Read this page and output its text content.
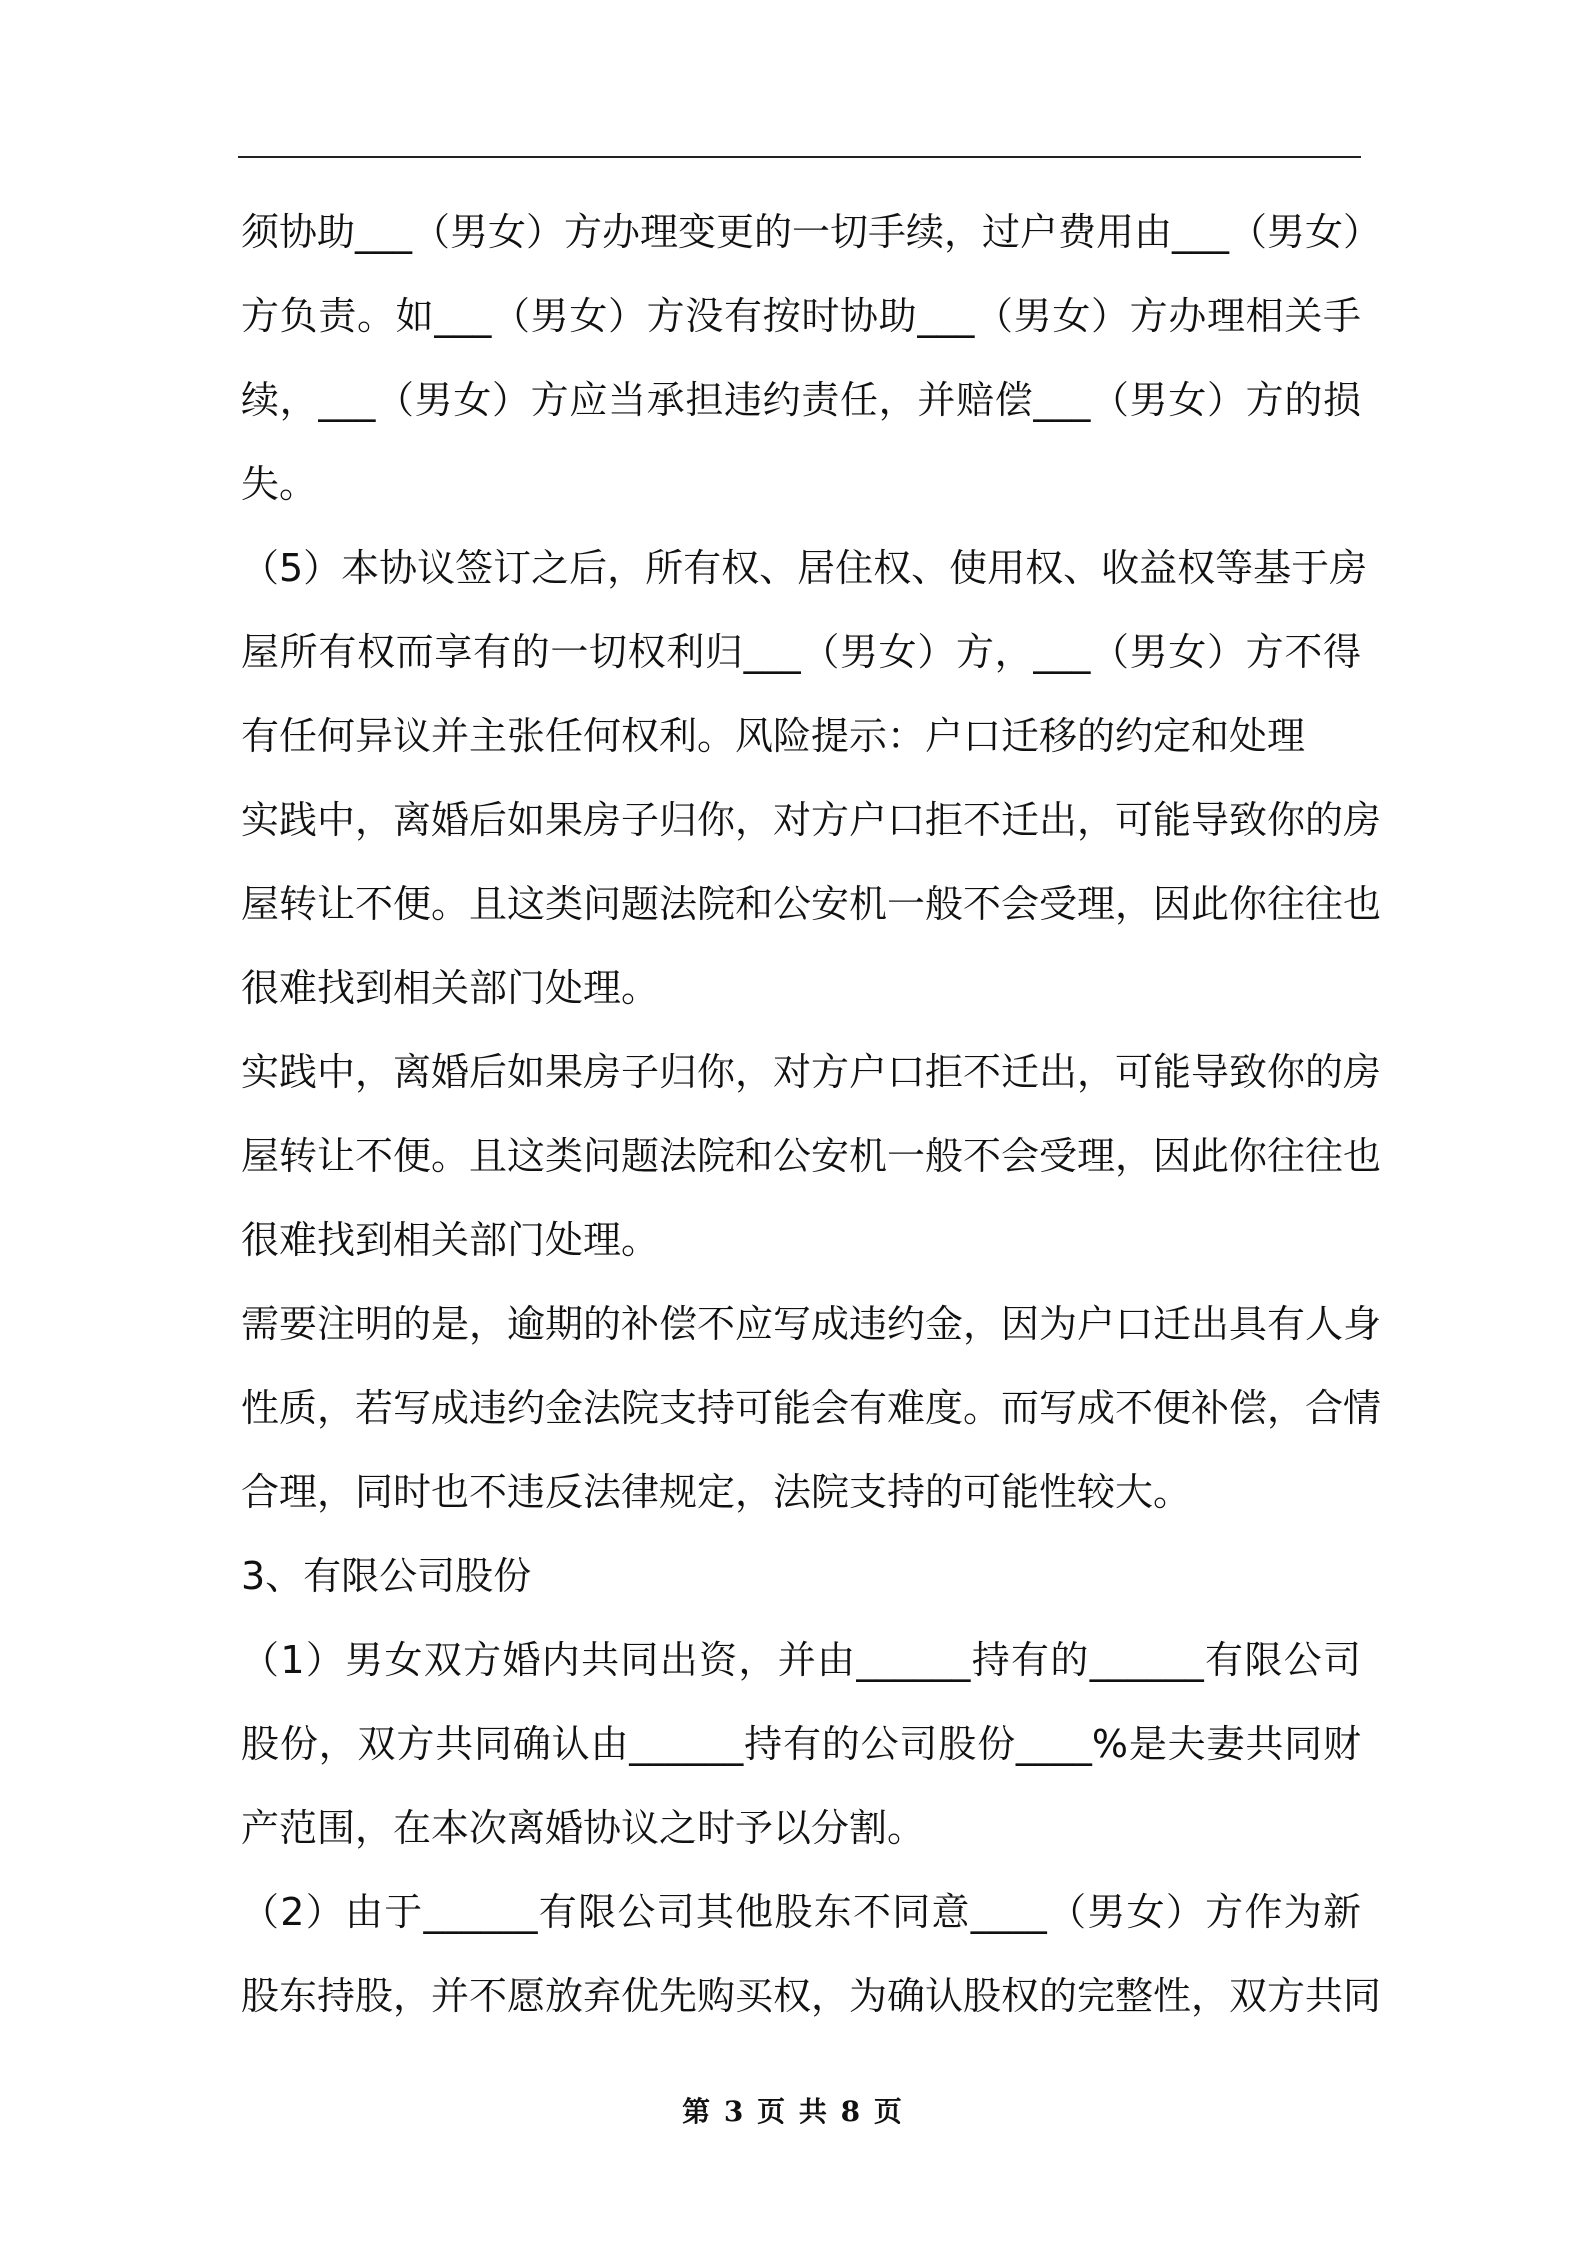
须协助___（男女）方办理变更的一切手续，过户费用由___（男女）
方负责。如___（男女）方没有按时协助___（男女）方办理相关手
续，___（男女）方应当承担违约责任，并赔偿___（男女）方的损
失。
（5）本协议签订之后，所有权、居住权、使用权、收益权等基于房
屋所有权而享有的一切权利归___（男女）方，___（男女）方不得
有任何异议并主张任何权利。风险提示：户口迁移的约定和处理
实践中，离婚后如果房子归你，对方户口拒不迁出，可能导致你的房
屋转让不便。且这类问题法院和公安机一般不会受理，因此你往往也
很难找到相关部门处理。
实践中，离婚后如果房子归你，对方户口拒不迁出，可能导致你的房
屋转让不便。且这类问题法院和公安机一般不会受理，因此你往往也
很难找到相关部门处理。
需要注明的是，逾期的补偿不应写成违约金，因为户口迁出具有人身
性质，若写成违约金法院支持可能会有难度。而写成不便补偿，合情
合理，同时也不违反法律规定，法院支持的可能性较大。
3、有限公司股份
（1）男女双方婚内共同出资，并由______持有的______有限公司
股份，双方共同确认由______持有的公司股份____%是夫妻共同财
产范围，在本次离婚协议之时予以分割。
（2）由于______有限公司其他股东不同意____（男女）方作为新
股东持股，并不愿放弃优先购买权，为确认股权的完整性，双方共同
第 3 页 共 8 页
